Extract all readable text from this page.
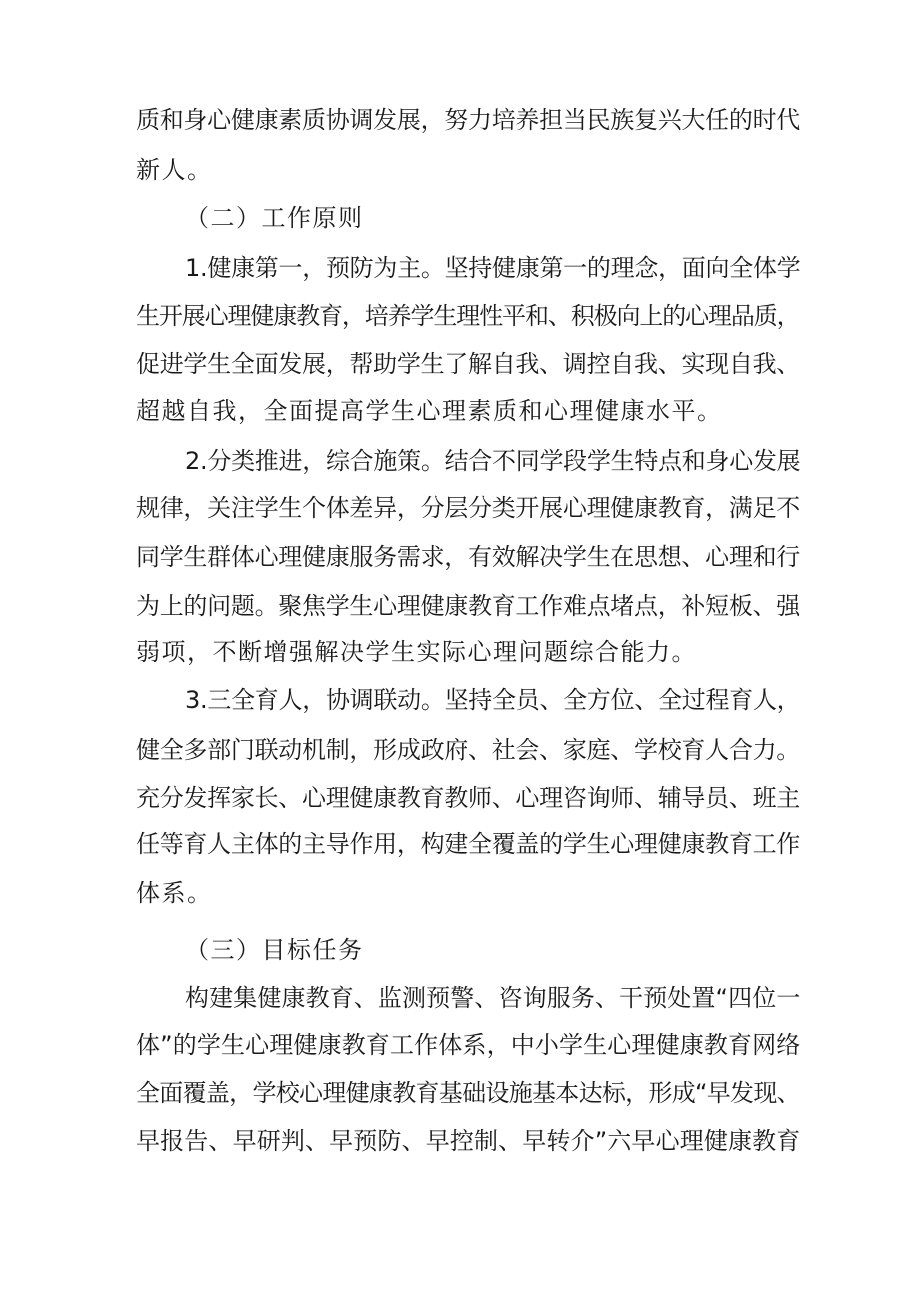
质和身心健康素质协调发展，努力培养担当民族复兴大任的时代
新人。
（二）工作原则
1.健康第一，预防为主。坚持健康第一的理念，面向全体学
生开展心理健康教育，培养学生理性平和、积极向上的心理品质，
促进学生全面发展，帮助学生了解自我、调控自我、实现自我、
超越自我，全面提高学生心理素质和心理健康水平。
2.分类推进，综合施策。结合不同学段学生特点和身心发展
规律，关注学生个体差异，分层分类开展心理健康教育，满足不
同学生群体心理健康服务需求，有效解决学生在思想、心理和行
为上的问题。聚焦学生心理健康教育工作难点堵点，补短板、强
弱项，不断增强解决学生实际心理问题综合能力。
3.三全育人，协调联动。坚持全员、全方位、全过程育人，
健全多部门联动机制，形成政府、社会、家庭、学校育人合力。
充分发挥家长、心理健康教育教师、心理咨询师、辅导员、班主
任等育人主体的主导作用，构建全覆盖的学生心理健康教育工作
体系。
（三）目标任务
构建集健康教育、监测预警、咨询服务、干预处置“四位一
体”的学生心理健康教育工作体系，中小学生心理健康教育网络
全面覆盖，学校心理健康教育基础设施基本达标，形成“早发现、
早报告、早研判、早预防、早控制、早转介”六早心理健康教育
